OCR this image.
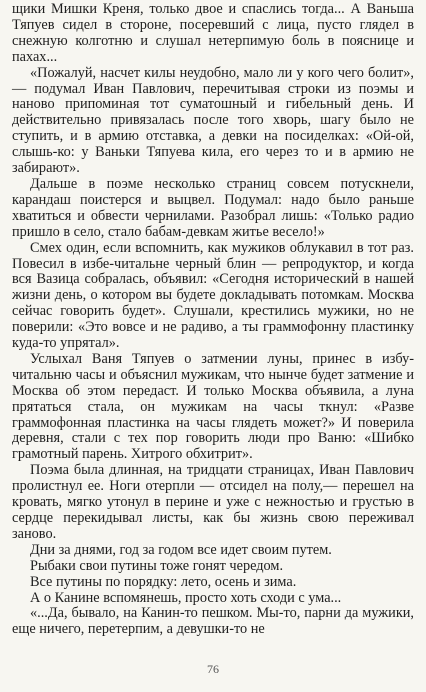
щики Мишки Креня, только двое и спаслись тогда... А Ваньша Тяпуев сидел в стороне, посеревший с лица, пусто глядел в снежную колготню и слушал нетерпимую боль в пояснице и пахах...

«Пожалуй, насчет килы неудобно, мало ли у кого чего болит»,— подумал Иван Павлович, перечитывая строки из поэмы и наново припоминая тот суматошный и гибельный день. И действительно привязалась после того хворь, шагу было не ступить, и в армию отставка, а девки на посиделках: «Ой-ой, слышь-ко: у Ваньки Тяпуева кила, его через то и в армию не забирают».

Дальше в поэме несколько страниц совсем потускнели, карандаш поистерся и выцвел. Подумал: надо было раньше хватиться и обвести чернилами. Разобрал лишь: «Только радио пришло в село, стало бабам-девкам житье весело!»

Смех один, если вспомнить, как мужиков облукавил в тот раз. Повесил в избе-читальне черный блин — репродуктор, и когда вся Вазица собралась, объявил: «Сегодня исторический в нашей жизни день, о котором вы будете докладывать потомкам. Москва сейчас говорить будет». Слушали, крестились мужики, но не поверили: «Это вовсе и не радиво, а ты граммофонну пластинку куда-то упрятал».

Услыхал Ваня Тяпуев о затмении луны, принес в избу-читальню часы и объяснил мужикам, что нынче будет затмение и Москва об этом передаст. И только Москва объявила, а луна прятаться стала, он мужикам на часы ткнул: «Разве граммофонная пластинка на часы глядеть может?» И поверила деревня, стали с тех пор говорить люди про Ваню: «Шибко грамотный парень. Хитрого обхитрит».

Поэма была длинная, на тридцати страницах, Иван Павлович пролистнул ее. Ноги отерпли — отсидел на полу,— перешел на кровать, мягко утонул в перине и уже с нежностью и грустью в сердце перекидывал листы, как бы жизнь свою переживал заново.

Дни за днями, год за годом все идет своим путем.

Рыбаки свои путины тоже гонят чередом.

Все путины по порядку: лето, осень и зима.

А о Канине вспомянешь, просто хоть сходи с ума...

«...Да, бывало, на Канин-то пешком. Мы-то, парни да мужики, еще ничего, перетерпим, а девушки-то не

76
